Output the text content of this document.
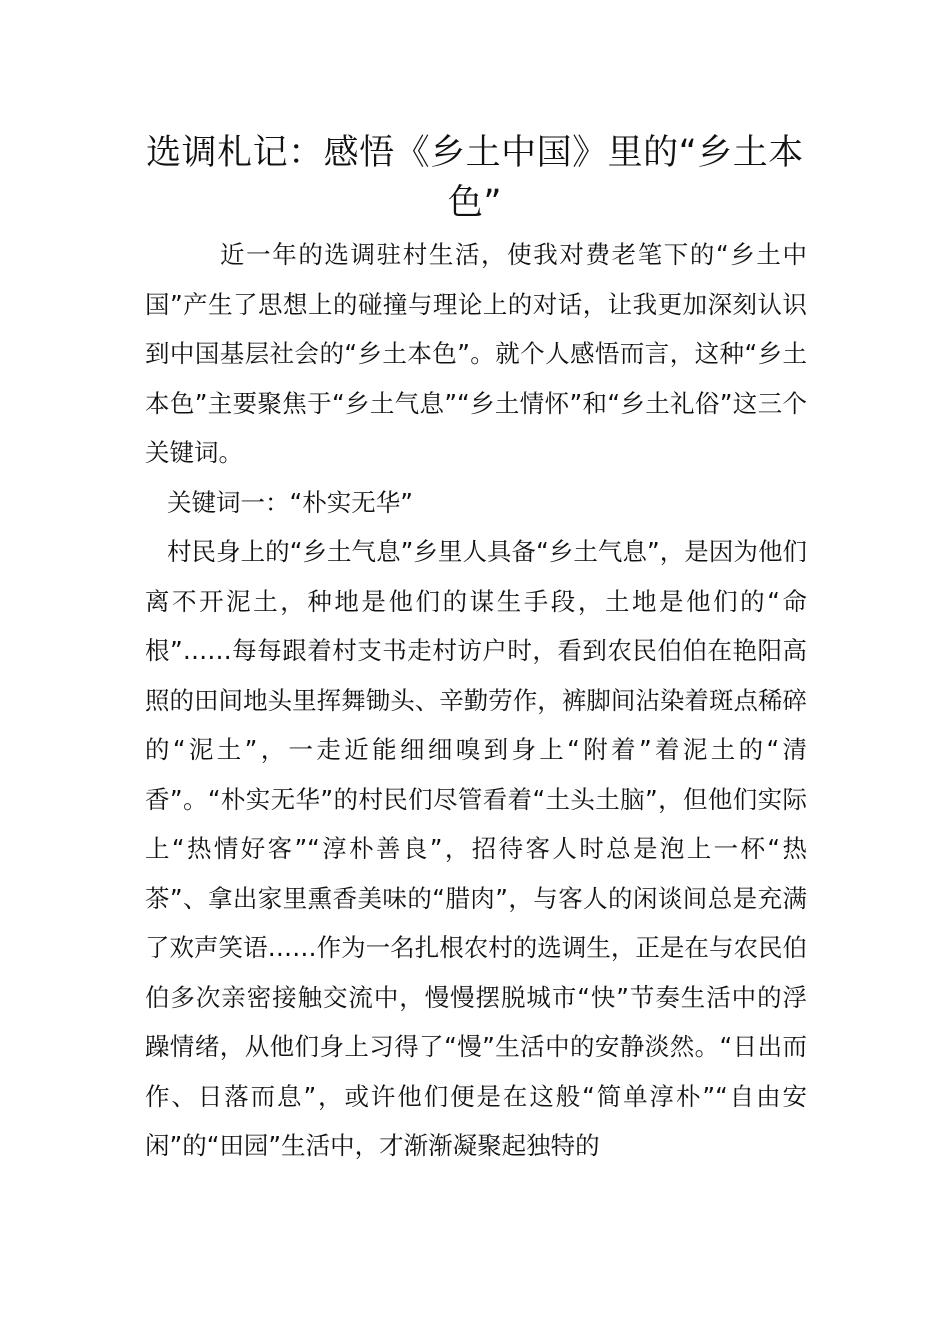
选调札记：感悟《乡土中国》里的“乡土本色”

近一年的选调驻村生活，使我对费老笔下的“乡土中国”产生了思想上的碰撞与理论上的对话，让我更加深刻认识到中国基层社会的“乡土本色”。就个人感悟而言，这种“乡土本色”主要聚焦于“乡土气息”“乡土情怀”和“乡土礼俗”这三个关键词。

关键词一：“朴实无华”

村民身上的“乡土气息”乡里人具备“乡土气息”，是因为他们离不开泥土，种地是他们的谋生手段，土地是他们的“命根”……每每跟着村支书走村访户时，看到农民伯伯在艳阳高照的田间地头里挥舞锄头、辛勤劳作，裤脚间沾染着斑点稀碎的“泥土”，一走近能细细嗅到身上“附着”着泥土的“清香”。“朴实无华”的村民们尽管看着“土头土脑”，但他们实际上“热情好客”“淳朴善良”，招待客人时总是泡上一杯“热茶”、拿出家里熏香美味的“腊肉”，与客人的闲谈间总是充满了欢声笑语……作为一名扎根农村的选调生，正是在与农民伯伯多次亲密接触交流中，慢慢摆脱城市“快”节奏生活中的浮躁情绪，从他们身上习得了“慢”生活中的安静淡然。“日出而作、日落而息”，或许他们便是在这般“简单淳朴”“自由安闲”的“田园”生活中，才渐渐凝聚起独特的
